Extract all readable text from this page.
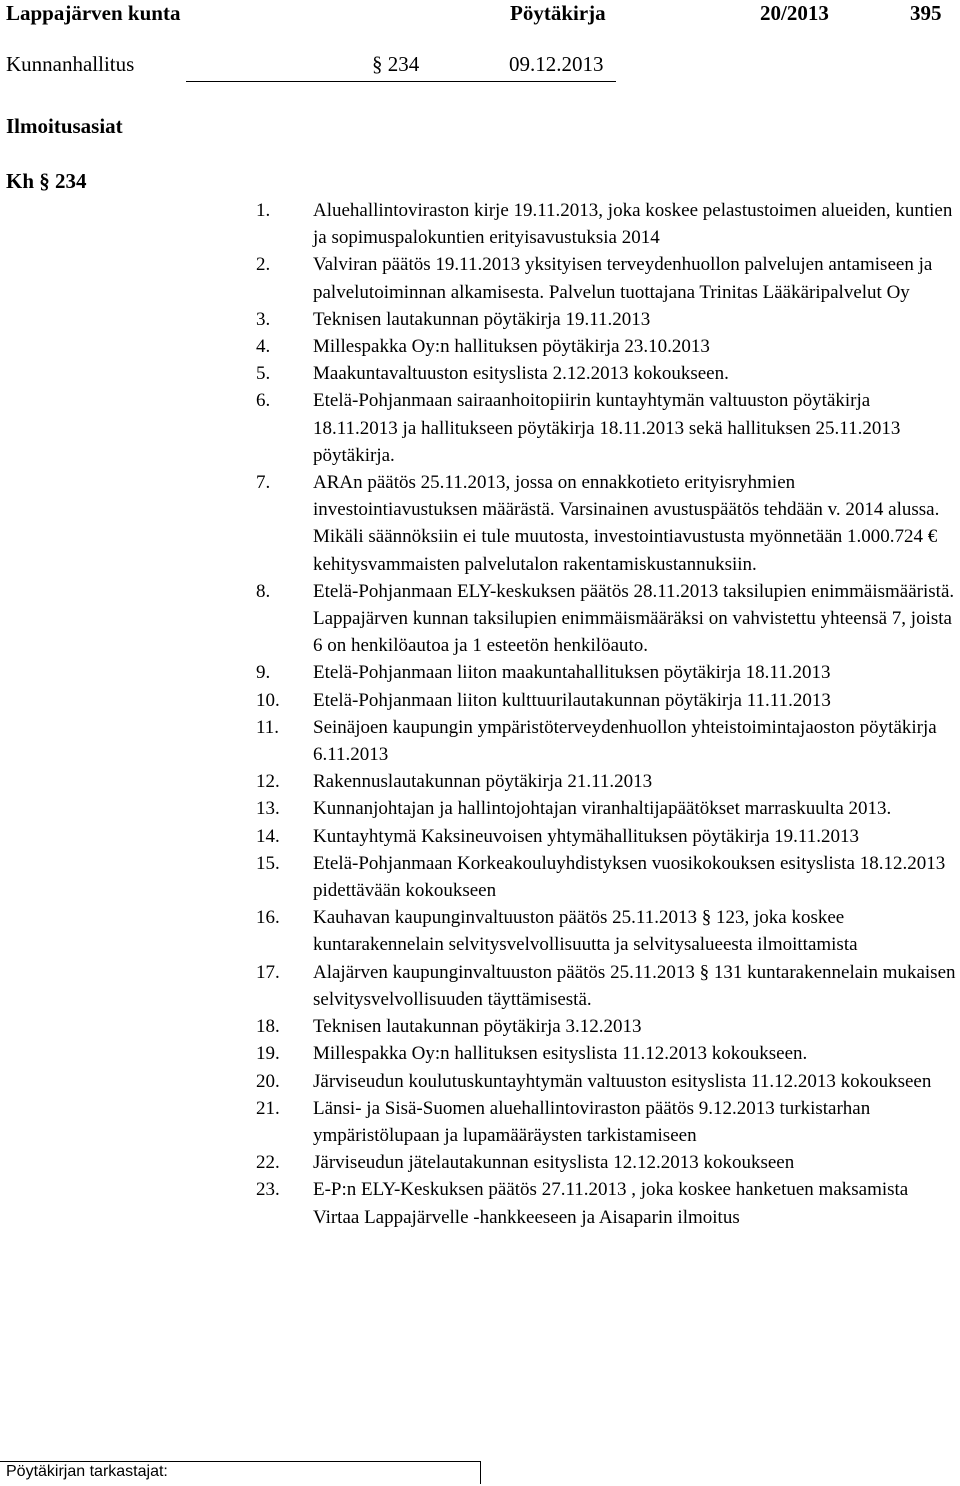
Lappajärven kunta	Pöytäkirja	20/2013	395
Kunnanhallitus	§ 234	09.12.2013
Ilmoitusasiat
Kh § 234
1. Aluehallintoviraston kirje 19.11.2013, joka koskee pelastustoimen alueiden, kuntien ja sopimuspalokuntien erityisavustuksia 2014
2. Valviran päätös 19.11.2013 yksityisen terveydenhuollon palvelujen antamiseen ja palvelutoiminnan alkamisesta. Palvelun tuottajana Trinitas Lääkäripalvelut Oy
3. Teknisen lautakunnan pöytäkirja 19.11.2013
4. Millespakka Oy:n hallituksen pöytäkirja 23.10.2013
5. Maakuntavaltuuston esityslista 2.12.2013 kokoukseen.
6. Etelä-Pohjanmaan sairaanhoitopiirin kuntayhtymän valtuuston pöytäkirja 18.11.2013 ja hallitukseen pöytäkirja 18.11.2013 sekä hallituksen 25.11.2013 pöytäkirja.
7. ARAn päätös 25.11.2013, jossa on ennakkotieto erityisryhmien investointiavustuksen määrästä. Varsinainen avustuspäätös tehdään v. 2014 alussa. Mikäli säännöksiin ei tule muutosta, investointiavustusta myönnetään 1.000.724 € kehitysvammaisten palvelutalon rakentamiskustannuksiin.
8. Etelä-Pohjanmaan ELY-keskuksen päätös 28.11.2013 taksilupien enimmäismääristä. Lappajärven kunnan taksilupien enimmäismääräksi on vahvistettu yhteensä 7, joista 6 on henkilöautoa ja 1 esteetön henkilöauto.
9. Etelä-Pohjanmaan liiton maakuntahallituksen pöytäkirja 18.11.2013
10. Etelä-Pohjanmaan liiton kulttuurilautakunnan pöytäkirja 11.11.2013
11. Seinäjoen kaupungin ympäristöterveydenhuollon yhteistoimintajaoston pöytäkirja 6.11.2013
12. Rakennuslautakunnan pöytäkirja 21.11.2013
13. Kunnanjohtajan ja hallintojohtajan viranhaltijapäätökset marraskuulta 2013.
14. Kuntayhtymä Kaksineuvoisen yhtymähallituksen pöytäkirja 19.11.2013
15. Etelä-Pohjanmaan Korkeakouluyhdistyksen vuosikokouksen esityslista 18.12.2013 pidettävään kokoukseen
16. Kauhavan kaupunginvaltuuston päätös 25.11.2013 § 123, joka koskee kuntarakennelain selvitysvelvollisuutta ja selvitysalueesta ilmoittamista
17. Alajärven kaupunginvaltuuston päätös 25.11.2013 § 131 kuntarakennelain mukaisen selvitysvelvollisuuden täyttämisestä.
18. Teknisen lautakunnan pöytäkirja 3.12.2013
19. Millespakka Oy:n hallituksen esityslista 11.12.2013 kokoukseen.
20. Järviseudun koulutuskuntayhtymän valtuuston esityslista 11.12.2013 kokoukseen
21. Länsi- ja Sisä-Suomen aluehallintoviraston päätös 9.12.2013 turkistarhan ympäristölupaan ja lupamääräysten tarkistamiseen
22. Järviseudun jätelautakunnan esityslista 12.12.2013 kokoukseen
23. E-P:n ELY-Keskuksen päätös 27.11.2013 , joka koskee hanketuen maksamista Virtaa Lappajärvelle -hankkeeseen ja Aisaparin ilmoitus
Pöytäkirjan tarkastajat:
